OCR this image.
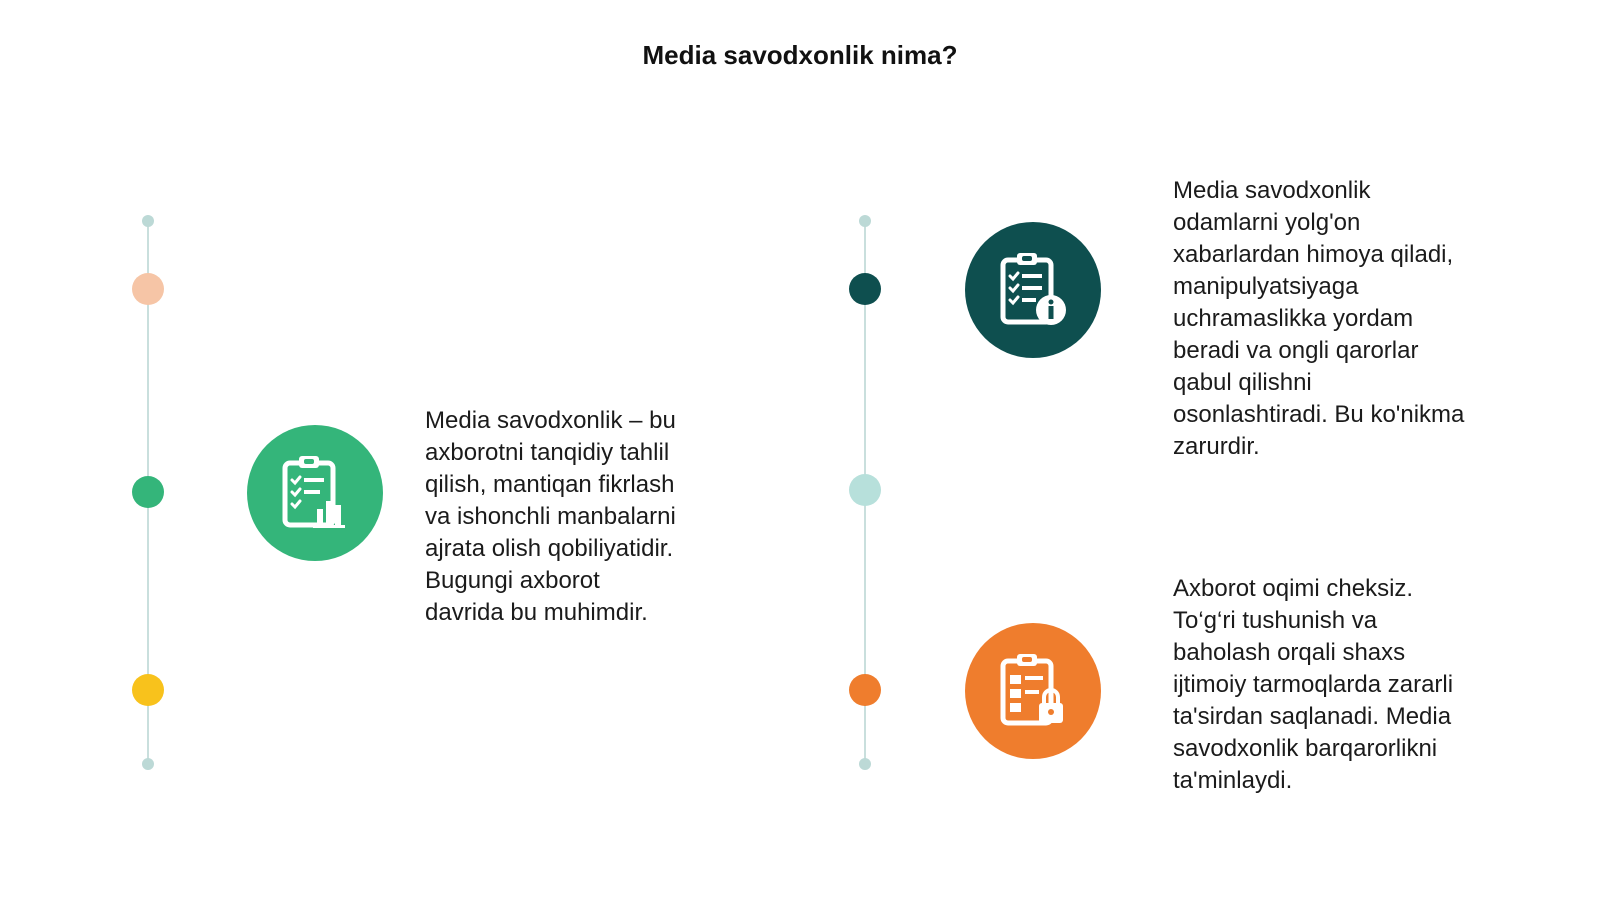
Media savodxonlik nima?
Media savodxonlik – bu
axborotni tanqidiy tahlil
qilish, mantiqan fikrlash
va ishonchli manbalarni
ajrata olish qobiliyatidir.
Bugungi axborot
davrida bu muhimdir.
Media savodxonlik
odamlarni yolg'on
xabarlardan himoya qiladi,
manipulyatsiyaga
uchramaslikka yordam
beradi va ongli qarorlar
qabul qilishni
osonlashtiradi. Bu ko'nikma
zarurdir.
Axborot oqimi cheksiz.
To‘g‘ri tushunish va
baholash orqali shaxs
ijtimoiy tarmoqlarda zararli
ta'sirdan saqlanadi. Media
savodxonlik barqarorlikni
ta'minlaydi.
